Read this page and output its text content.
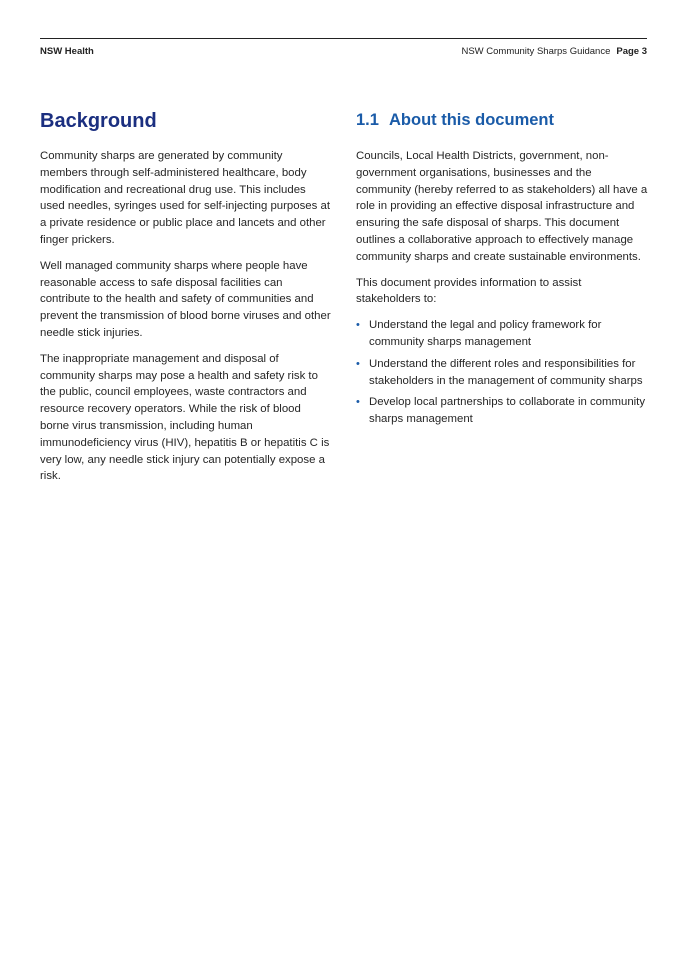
NSW Health	NSW Community Sharps Guidance Page 3
Background

Community sharps are generated by community members through self-administered healthcare, body modification and recreational drug use. This includes used needles, syringes used for self-injecting purposes at a private residence or public place and lancets and other finger prickers.

Well managed community sharps where people have reasonable access to safe disposal facilities can contribute to the health and safety of communities and prevent the transmission of blood borne viruses and other needle stick injuries.

The inappropriate management and disposal of community sharps may pose a health and safety risk to the public, council employees, waste contractors and resource recovery operators. While the risk of blood borne virus transmission, including human immunodeficiency virus (HIV), hepatitis B or hepatitis C is very low, any needle stick injury can potentially expose a risk.

1.1 About this document

Councils, Local Health Districts, government, non-government organisations, businesses and the community (hereby referred to as stakeholders) all have a role in providing an effective disposal infrastructure and ensuring the safe disposal of sharps. This document outlines a collaborative approach to effectively manage community sharps and create sustainable environments.

This document provides information to assist stakeholders to:

• Understand the legal and policy framework for community sharps management
• Understand the different roles and responsibilities for stakeholders in the management of community sharps
• Develop local partnerships to collaborate in community sharps management
